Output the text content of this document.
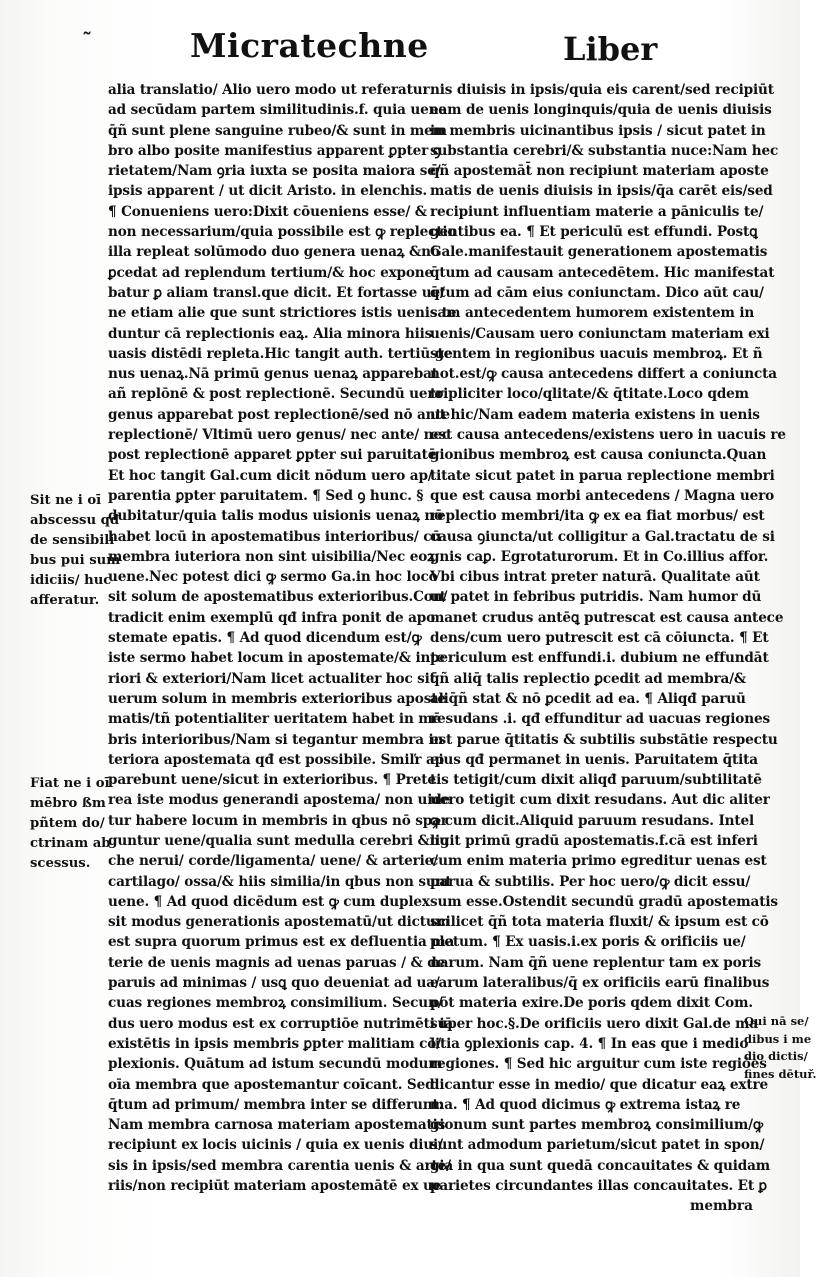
˜	Micratechne	Liber
alia translatio/ Alio uero modo ut referatur
ad secūdam partem similitudinis.f. quia uene
q̄ñ sunt plene sanguine rubeo/& sunt in mem
bro albo posite manifestius apparent ꝑpter ꝯ
rietatem/Nam ꝯria iuxta se posita maiora se/
ipsis apparent / ut dicit Aristo. in elenchis.
¶ Conueniens uero:Dixit cōueniens esse/ &
non necessarium/quia possibile est ꝙ replectio
illa repleat solūmodo duo genera uenaꝝ &nō
ꝑcedat ad replendum tertium/& hoc expone
batur ꝑ aliam transl.que dicit. Et fortasse ue/
ne etiam alie que sunt strictiores istis uenis te
duntur cā replectionis eaꝝ. Alia minora hiis
uasis distēdi repleta.Hic tangit auth. tertiū ge
nus uenaꝝ.Nā primū genus uenaꝝ apparebat
añ replōnē & post replectionē. Secundū uero
genus apparebat post replectionē/sed nō ante
replectionē/ Vltimū uero genus/ nec ante/ nec
post replectionē apparet ꝑpter sui paruitatē
Et hoc tangit Gal.cum dicit nōdum uero ap/
parentia ꝑpter paruitatem. ¶ Sed ꝯ hunc. §
dubitatur/quia talis modus uisionis uenaꝝ nō
habet locū in apostematibus interioribus/ cū
membra iuteriora non sint uisibilia/Nec eoꝝ
uene.Nec potest dici ꝙ sermo Ga.in hoc loco
sit solum de apostematibus exterioribus.Con/
tradicit enim exemplū qđ infra ponit de apo
stemate epatis. ¶ Ad quod dicendum est/ꝙ
iste sermo habet locum in apostemate/& inte
riori & exteriori/Nam licet actualiter hoc sit
uerum solum in membris exterioribus aposte
matis/tñ potentialiter ueritatem habet in mē
bris interioribus/Nam si tegantur membra in
teriora apostemata qđ est possibile. Smiľr ap
parebunt uene/sicut in exterioribus. ¶ Prete
rea iste modus generandi apostema/ non uide
tur habere locum in membris in qbus nō spar
guntur uene/qualia sunt medulla cerebri &nu
che nerui/ corde/ligamenta/ uene/ & arterie/
cartilago/ ossa/& hiis similia/in qbus non sunt
uene. ¶ Ad quod dicēdum est ꝙ cum duplex
sit modus generationis apostematū/ut dictum
est supra quorum primus est ex defluentia ma
terie de uenis magnis ad uenas paruas / & de
paruis ad minimas / usꝗ quo deueniat ad ua/
cuas regiones membroꝝ consimilium. Secun/
dus uero modus est ex corruptiōe nutrimēti iā
existētis in ipsis membris ꝑpter malitiam cō/
plexionis. Quātum ad istum secundū modum
oīa membra que apostemantur coīcant. Sed
q̄tum ad primum/ membra inter se differunt:
Nam membra carnosa materiam apostematis
recipiunt ex locis uicinis / quia ex uenis diui/
sis in ipsis/sed membra carentia uenis & arte/
riis/non recipiūt materiam apostemātē ex ue
nis diuisis in ipsis/quia eis carent/sed recipiūt
eam de uenis longinquis/quia de uenis diuisis
in membris uicinantibus ipsis / sicut patet in
substantia cerebri/& substantia nuce:Nam hec
q̄ñ apostemāt̄ non recipiunt materiam aposte
matis de uenis diuisis in ipsis/q̄a carēt eis/sed
recipiunt influentiam materie a pāniculis te/
gentibus ea. ¶ Et periculū est effundi. Postꝗ
Gale.manifestauit generationem apostematis
q̄tum ad causam antecedētem. Hic manifestat
q̄tum ad cām eius coniunctam. Dico aūt cau/
sam antecedentem humorem existentem in
uenis/Causam uero coniunctam materiam exi
stentem in regionibus uacuis membroꝝ. Et ñ
not.est/ꝙ causa antecedens differt a coniuncta
tripliciter loco/qlitate/& q̄titate.Loco qdem
ut hic/Nam eadem materia existens in uenis
est causa antecedens/existens uero in uacuis re
gionibus membroꝝ est causa coniuncta.Quan
titate sicut patet in parua replectione membri
que est causa morbi antecedens / Magna uero
replectio membri/ita ꝙ ex ea fiat morbus/ est
causa ꝯiuncta/ut colligitur a Gal.tractatu de si
gnis caꝑ. Egrotaturorum. Et in Co.illius affor.
Vbi cibus intrat preter naturā. Qualitate aūt
ut patet in febribus putridis. Nam humor dū
manet crudus antēꝗ putrescat est causa antece
dens/cum uero putrescit est cā cōiuncta. ¶ Et
periculum est enffundi.i. dubium ne effundāt
q̄ñ aliq̄ talis replectio ꝑcedit ad membra/&
aliq̄ñ stat & nō ꝑcedit ad ea. ¶ Aliqđ paruū
resudans .i. qđ effunditur ad uacuas regiones
est parue q̄titatis & subtilis substātie respectu
eius qđ permanet in uenis. Paruitatem q̄tita
tis tetigit/cum dixit aliqđ paruum/subtilitatē
uero tetigit cum dixit resudans. Aut dic aliter
ꝙ cum dicit.Aliquid paruum resudans. Intel
ligit primū gradū apostematis.f.cā est inferi
cum enim materia primo egreditur uenas est
parua & subtilis. Per hoc uero/ꝙ dicit essu/
sum esse.Ostendit secundū gradū apostematis
scilicet q̄ñ tota materia fluxit/ & ipsum est cō
pletum. ¶ Ex uasis.i.ex poris & orificiis ue/
narum. Nam q̄ñ uene replentur tam ex poris
earum lateralibus/q̄ ex orificiis earū finalibus
pōt materia exire.De poris qdem dixit Com.
super hoc.§.De orificiis uero dixit Gal.de ma
litia ꝯplexionis cap. 4. ¶ In eas que i medio
regiones. ¶ Sed hic arguitur cum iste regiōes
dicantur esse in medio/ que dicatur eaꝝ extre
ma. ¶ Ad quod dicimus ꝙ extrema istaꝝ re
gionum sunt partes membroꝝ consimilium/ꝙ
sunt admodum parietum/sicut patet in spon/
gia in qua sunt quedā concauitates & quidam
parietes circundantes illas concauitates. Et ꝑ
Sit ne i oī
abscessu qđ
de sensibili
bus pui sum
idiciis/ huc
afferatur.
Fiat ne i oī
mēbro ßm
pñtem do/
ctrinam ab
scessus.
Qui nā se/
dibus i me
dio dictis/
fines dētuř.
membra
